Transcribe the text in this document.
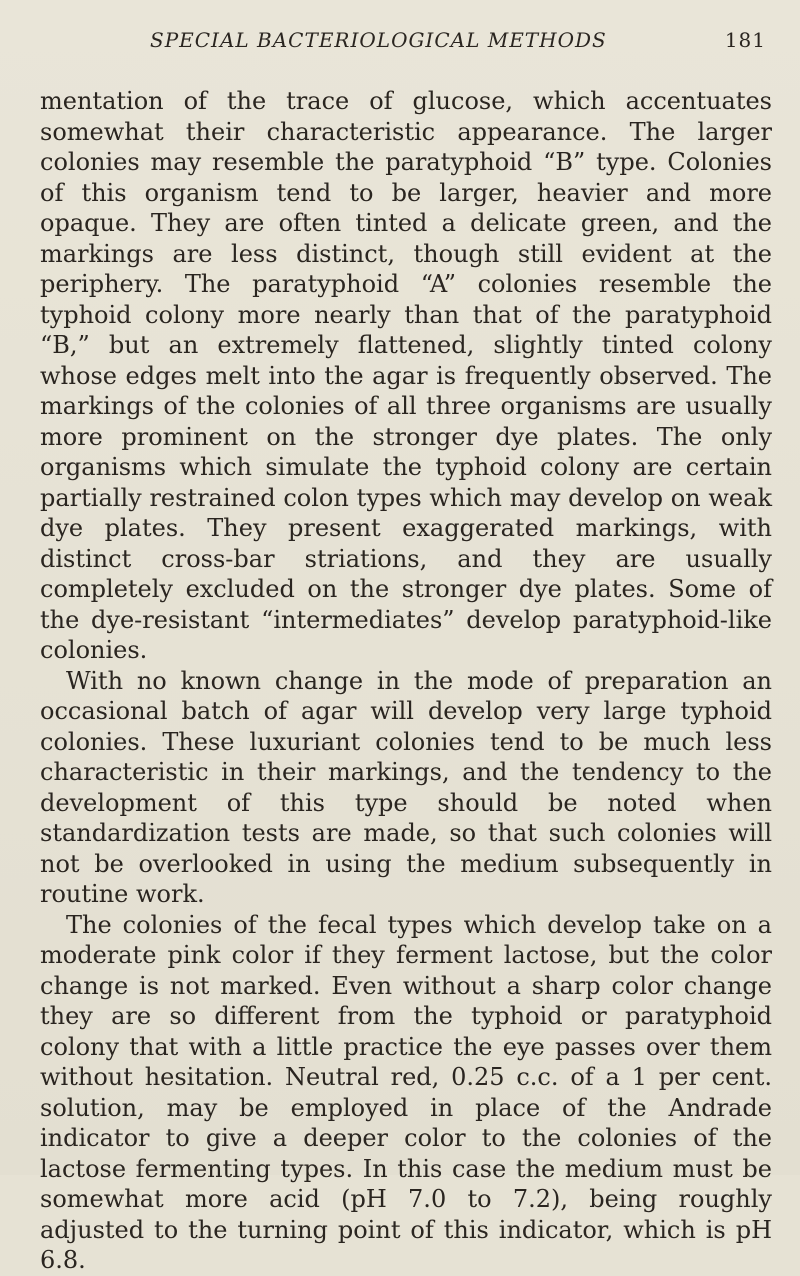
SPECIAL BACTERIOLOGICAL METHODS	181

mentation of the trace of glucose, which accentuates somewhat their characteristic appearance. The larger colonies may resemble the paratyphoid “B” type. Colonies of this organism tend to be larger, heavier and more opaque. They are often tinted a delicate green, and the markings are less distinct, though still evident at the periphery. The paratyphoid “A” colonies resemble the typhoid colony more nearly than that of the paratyphoid “B,” but an extremely flattened, slightly tinted colony whose edges melt into the agar is frequently observed. The markings of the colonies of all three organisms are usually more prominent on the stronger dye plates. The only organisms which simulate the typhoid colony are certain partially restrained colon types which may develop on weak dye plates. They present exaggerated markings, with distinct cross-bar striations, and they are usually completely excluded on the stronger dye plates. Some of the dye-resistant “intermediates” develop paratyphoid-like colonies.

With no known change in the mode of preparation an occasional batch of agar will develop very large typhoid colonies. These luxuriant colonies tend to be much less characteristic in their markings, and the tendency to the development of this type should be noted when standardization tests are made, so that such colonies will not be overlooked in using the medium subsequently in routine work.

The colonies of the fecal types which develop take on a moderate pink color if they ferment lactose, but the color change is not marked. Even without a sharp color change they are so different from the typhoid or paratyphoid colony that with a little practice the eye passes over them without hesitation. Neutral red, 0.25 c.c. of a 1 per cent. solution, may be employed in place of the Andrade indicator to give a deeper color to the colonies of the lactose fermenting types. In this case the medium must be somewhat more acid (pH 7.0 to 7.2), being roughly adjusted to the turning point of this indicator, which is pH 6.8.
